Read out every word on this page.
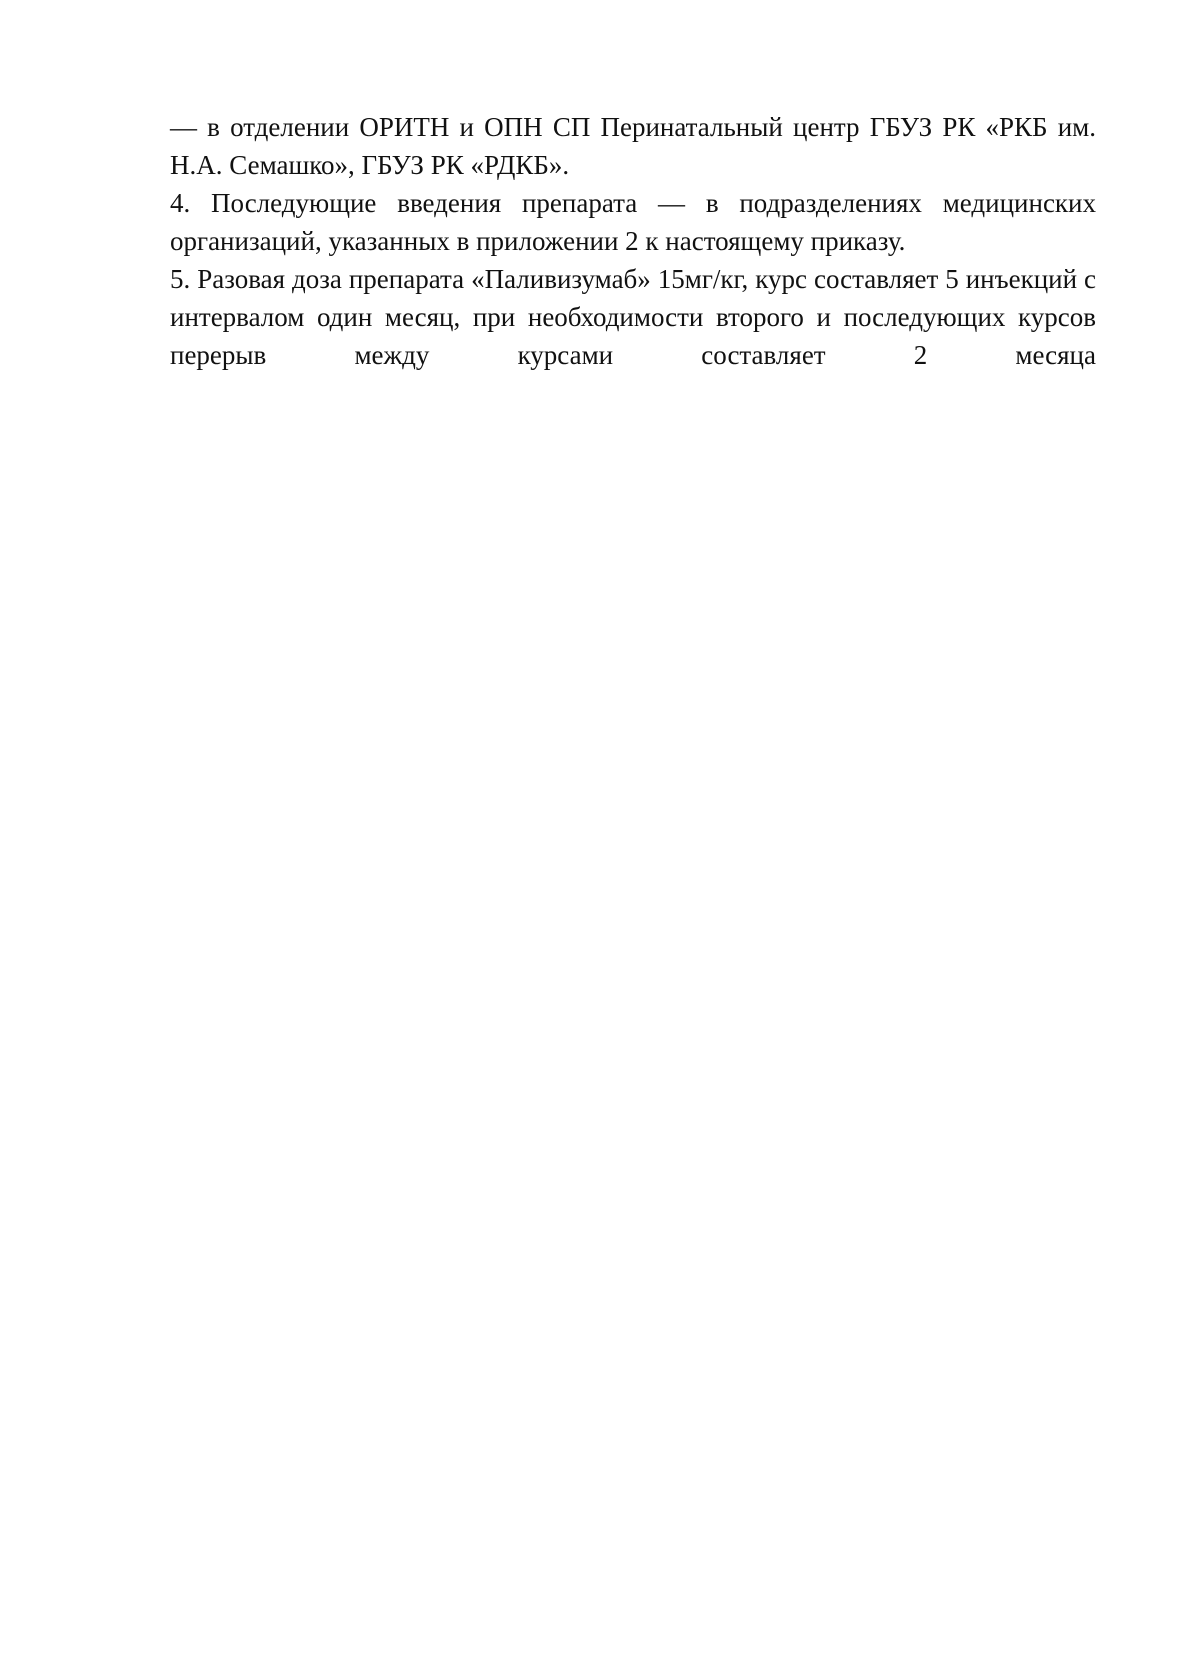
— в отделении ОРИТН и ОПН СП Перинатальный центр ГБУЗ РК «РКБ им. Н.А. Семашко», ГБУЗ РК «РДКБ».

4. Последующие введения препарата — в подразделениях медицинских организаций, указанных в приложении 2 к настоящему приказу.

5. Разовая доза препарата «Паливизумаб» 15мг/кг, курс составляет 5 инъекций с интервалом один месяц, при необходимости второго и последующих курсов перерыв между курсами составляет 2 месяца
